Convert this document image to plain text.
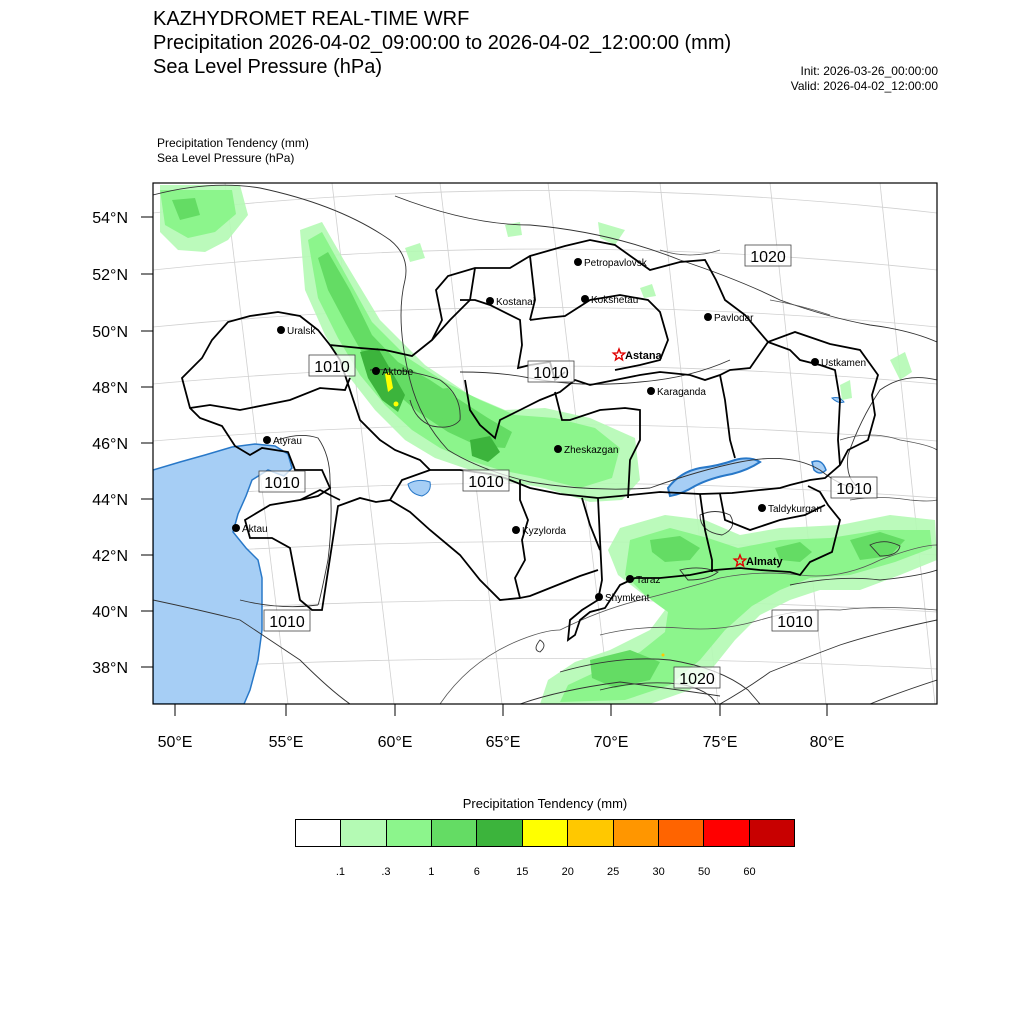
KAZHYDROMET REAL-TIME WRF
Precipitation 2026-04-02_09:00:00 to 2026-04-02_12:00:00 (mm)
Sea Level Pressure (hPa)	Init: 2026-03-26_00:00:00
Valid: 2026-04-02_12:00:00
Precipitation Tendency (mm)
Sea Level Pressure (hPa)
54°N
52°N
50°N
48°N
46°N
44°N
42°N
40°N
38°N
50°E	55°E	60°E	65°E	70°E	75°E	80°E
1020
1010	1010
1010	1010	1010
1010	1010
1020
Petropavlovsk
Kostanai	Kokshetau
Pavlodar
Uralsk
Aktobe
Astana
Ustkamen
Karaganda
Atyrau
Zheskazgan
Aktau	Kyzylorda
Taldykurgan
Almaty
Taraz
Shymkent
Precipitation Tendency (mm)
.1	.3	1	6	15	20	25	30	50	60
